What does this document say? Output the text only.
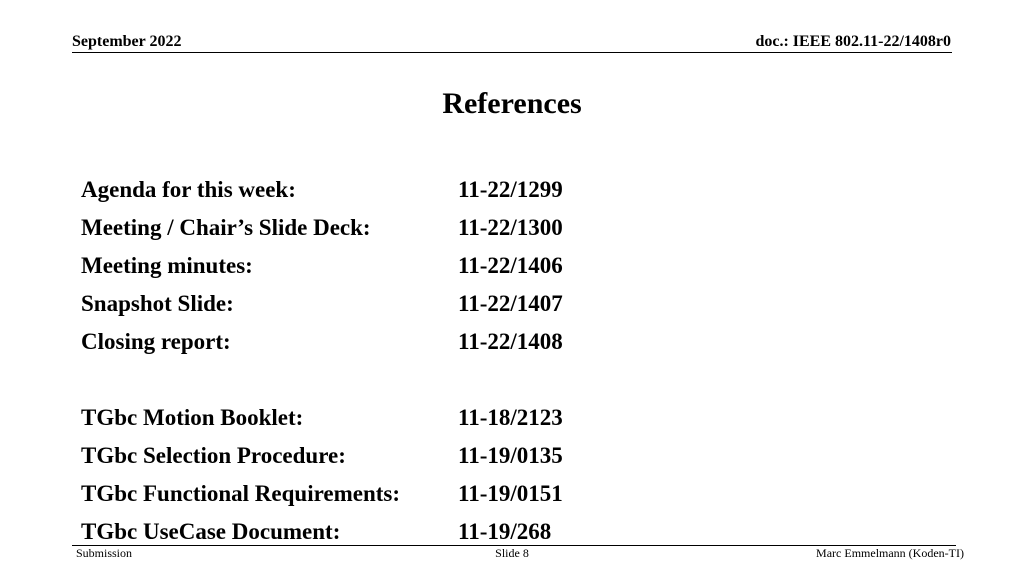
September 2022	doc.: IEEE 802.11-22/1408r0
References
Agenda for this week:	11-22/1299
Meeting / Chair’s Slide Deck:	11-22/1300
Meeting minutes:	11-22/1406
Snapshot Slide:	11-22/1407
Closing report:	11-22/1408
TGbc Motion Booklet:	11-18/2123
TGbc Selection Procedure:	11-19/0135
TGbc Functional Requirements:	11-19/0151
TGbc UseCase Document:	11-19/268
Submission	Slide 8	Marc Emmelmann (Koden-TI)
